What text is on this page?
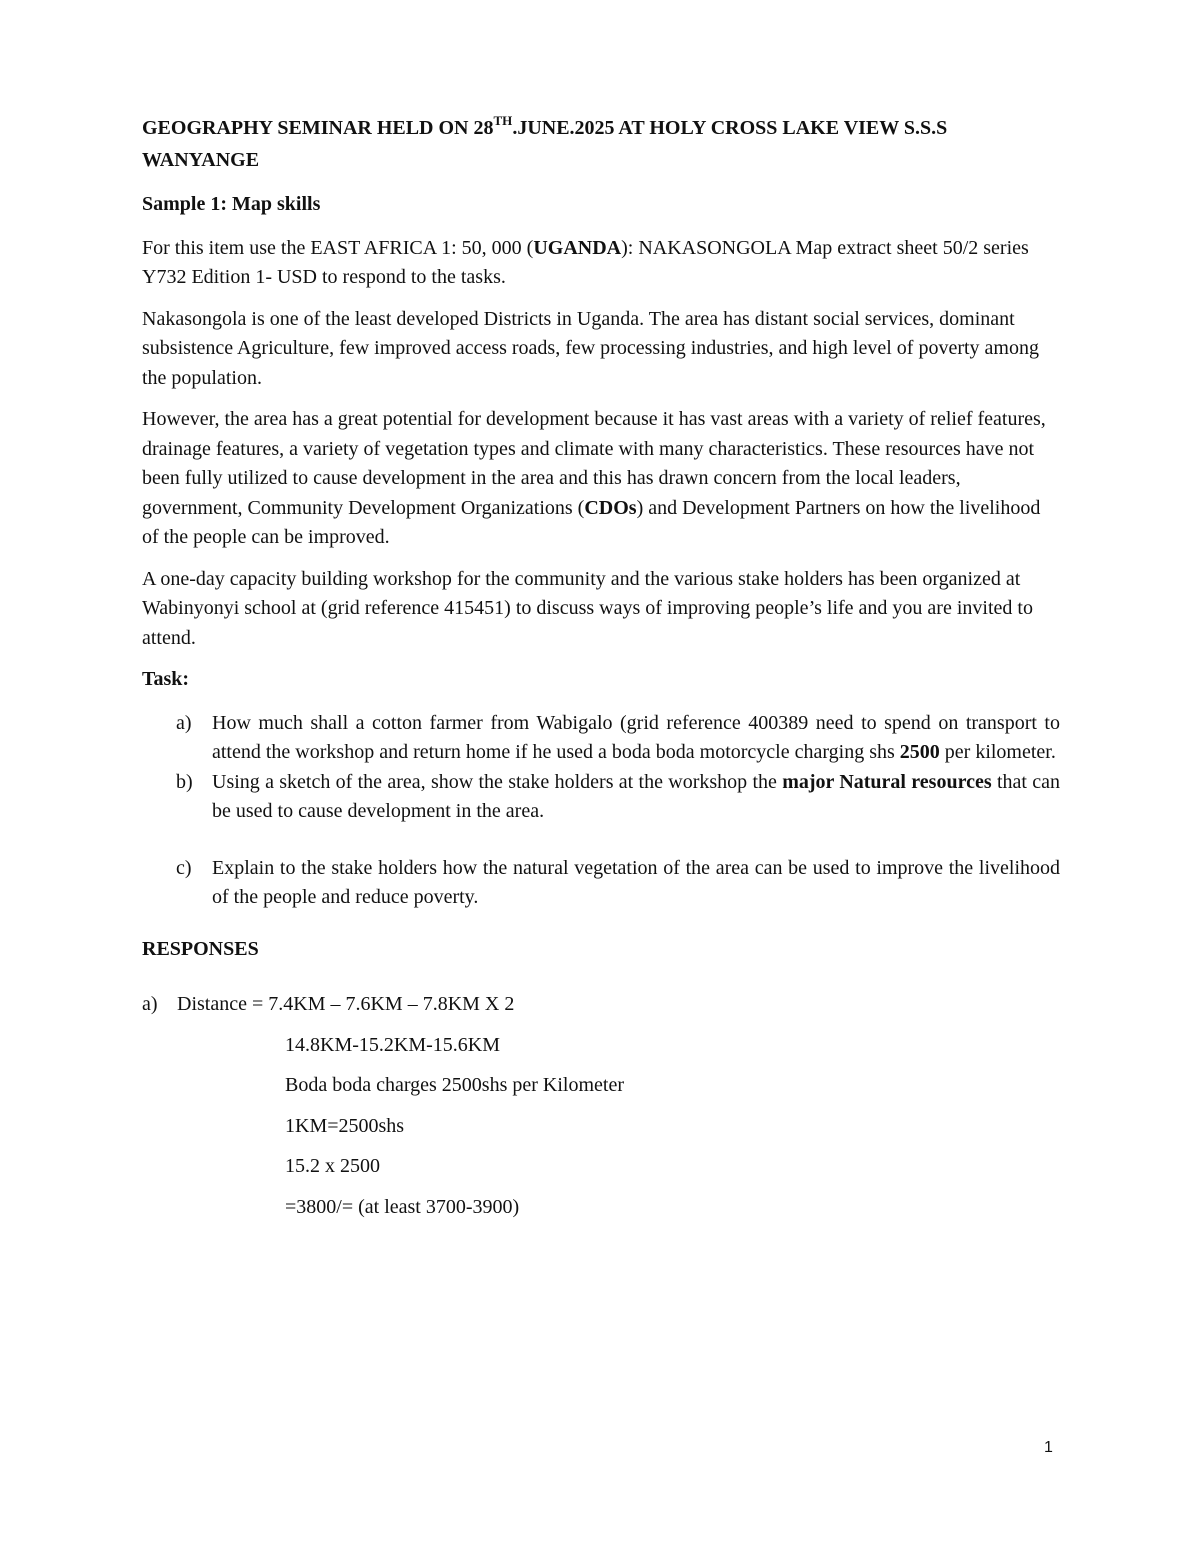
GEOGRAPHY SEMINAR HELD ON 28TH.JUNE.2025 AT HOLY CROSS LAKE VIEW S.S.S WANYANGE
Sample 1: Map skills

For this item use the EAST AFRICA 1: 50, 000 (UGANDA): NAKASONGOLA Map extract sheet 50/2 series Y732 Edition 1- USD to respond to the tasks.

Nakasongola is one of the least developed Districts in Uganda. The area has distant social services, dominant subsistence Agriculture, few improved access roads, few processing industries, and high level of poverty among the population.

However, the area has a great potential for development because it has vast areas with a variety of relief features, drainage features, a variety of vegetation types and climate with many characteristics. These resources have not been fully utilized to cause development in the area and this has drawn concern from the local leaders, government, Community Development Organizations (CDOs) and Development Partners on how the livelihood of the people can be improved.

A one-day capacity building workshop for the community and the various stake holders has been organized at Wabinyonyi school at (grid reference 415451) to discuss ways of improving people’s life and you are invited to attend.

Task:
a)	How much shall a cotton farmer from Wabigalo (grid reference 400389 need to spend on transport to attend the workshop and return home if he used a boda boda motorcycle charging shs 2500 per kilometer.
b) Using a sketch of the area, show the stake holders at the workshop the major Natural resources that can be used to cause development in the area.
c)	Explain to the stake holders how the natural vegetation of the area can be used to improve the livelihood of the people and reduce poverty.
RESPONSES
a) Distance = 7.4KM – 7.6KM – 7.8KM X 2
14.8KM-15.2KM-15.6KM
Boda boda charges 2500shs per Kilometer
1KM=2500shs
15.2 x 2500
=3800/= (at least 3700-3900)
1
